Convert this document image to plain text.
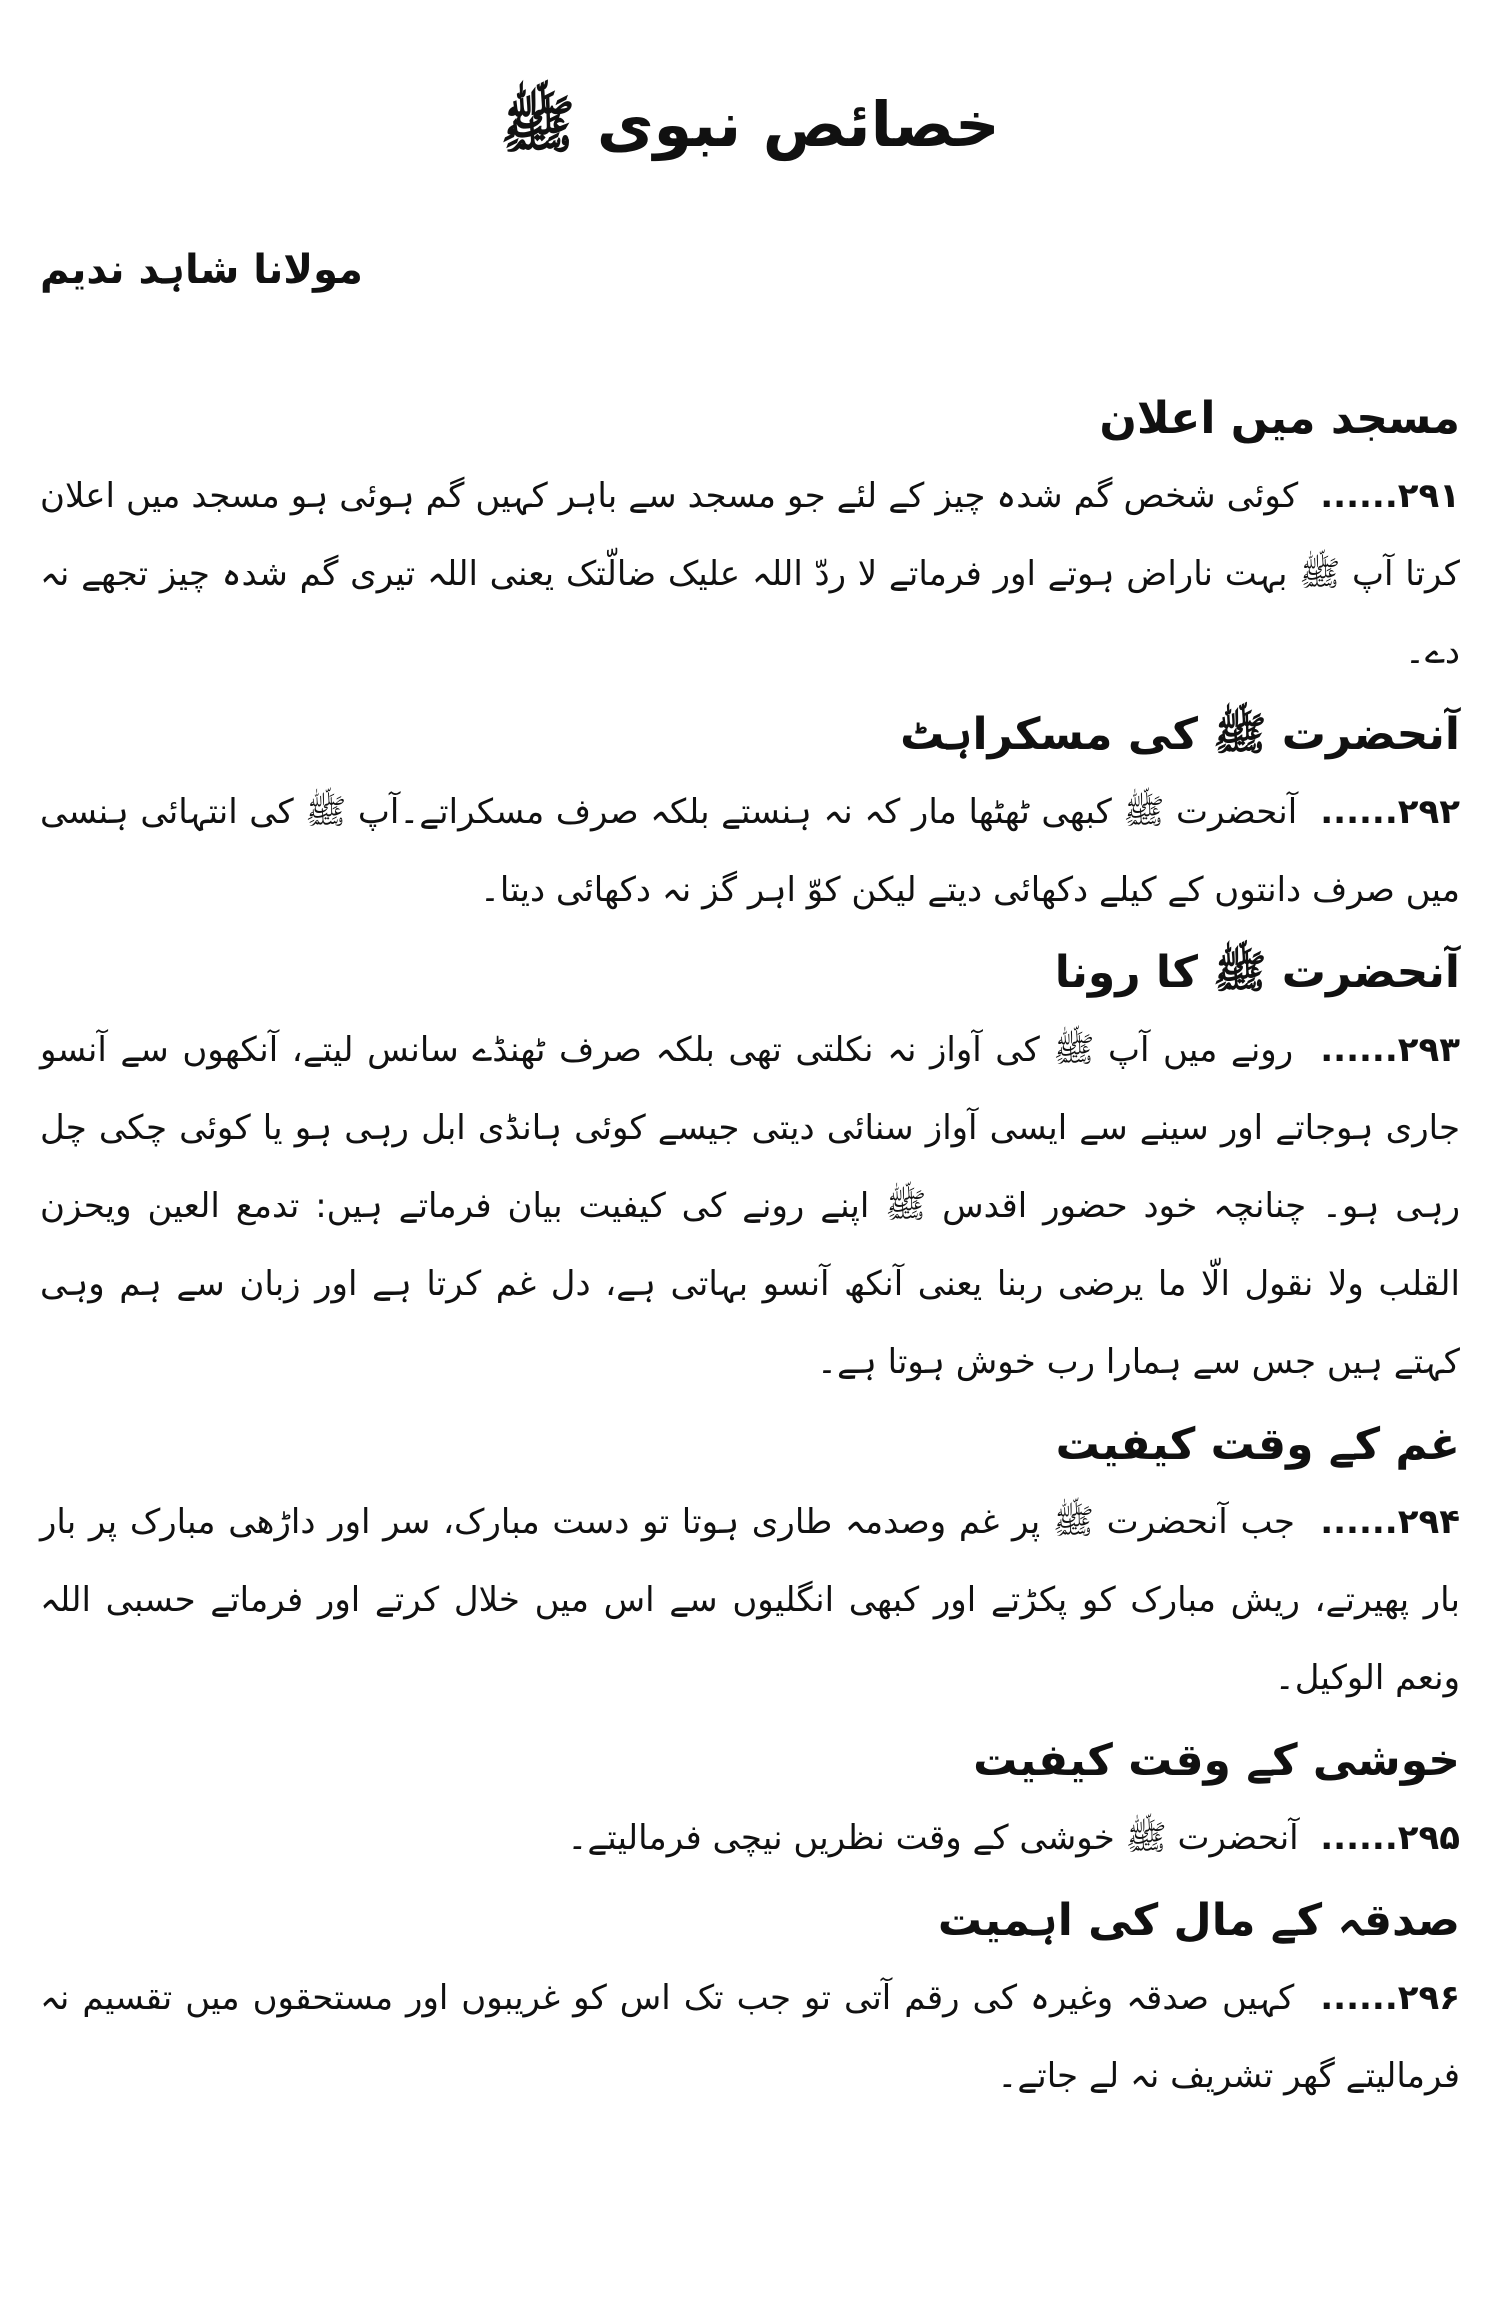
خصائص نبوی ﷺ

مولانا شاہد ندیم

مسجد میں اعلان

۲۹۱......  کوئی شخص گم شدہ چیز کے لئے جو مسجد سے باہر کہیں گم ہوئی ہو مسجد میں اعلان کرتا آپ ﷺ بہت ناراض ہوتے اور فرماتے لا ردّ اللہ علیک ضالّتک یعنی اللہ تیری گم شدہ چیز تجھے نہ دے۔

آنحضرت ﷺ کی مسکراہٹ

۲۹۲......  آنحضرت ﷺ کبھی ٹھٹھا مار کہ نہ ہنستے بلکہ صرف مسکراتے۔آپ ﷺ کی انتہائی ہنسی میں صرف دانتوں کے کیلے دکھائی دیتے لیکن کوّ اہر گز نہ دکھائی دیتا۔

آنحضرت ﷺ کا رونا

۲۹۳......  رونے میں آپ ﷺ کی آواز نہ نکلتی تھی بلکہ صرف ٹھنڈے سانس لیتے، آنکھوں سے آنسو جاری ہوجاتے اور سینے سے ایسی آواز سنائی دیتی جیسے کوئی ہانڈی ابل رہی ہو یا کوئی چکی چل رہی ہو۔ چنانچہ خود حضور اقدس ﷺ اپنے رونے کی کیفیت بیان فرماتے ہیں: تدمع العین ویحزن القلب ولا نقول الّا ما یرضی ربنا یعنی آنکھ آنسو بہاتی ہے، دل غم کرتا ہے اور زبان سے ہم وہی کہتے ہیں جس سے ہمارا رب خوش ہوتا ہے۔

غم کے وقت کیفیت

۲۹۴......  جب آنحضرت ﷺ پر غم وصدمہ طاری ہوتا تو دست مبارک، سر اور داڑھی مبارک پر بار بار پھیرتے، ریش مبارک کو پکڑتے اور کبھی انگلیوں سے اس میں خلال کرتے اور فرماتے حسبی اللہ ونعم الوکیل۔

خوشی کے وقت کیفیت

۲۹۵......  آنحضرت ﷺ خوشی کے وقت نظریں نیچی فرمالیتے۔

صدقہ کے مال کی اہمیت

۲۹۶......  کہیں صدقہ وغیرہ کی رقم آتی تو جب تک اس کو غریبوں اور مستحقوں میں تقسیم نہ فرمالیتے گھر تشریف نہ لے جاتے۔
